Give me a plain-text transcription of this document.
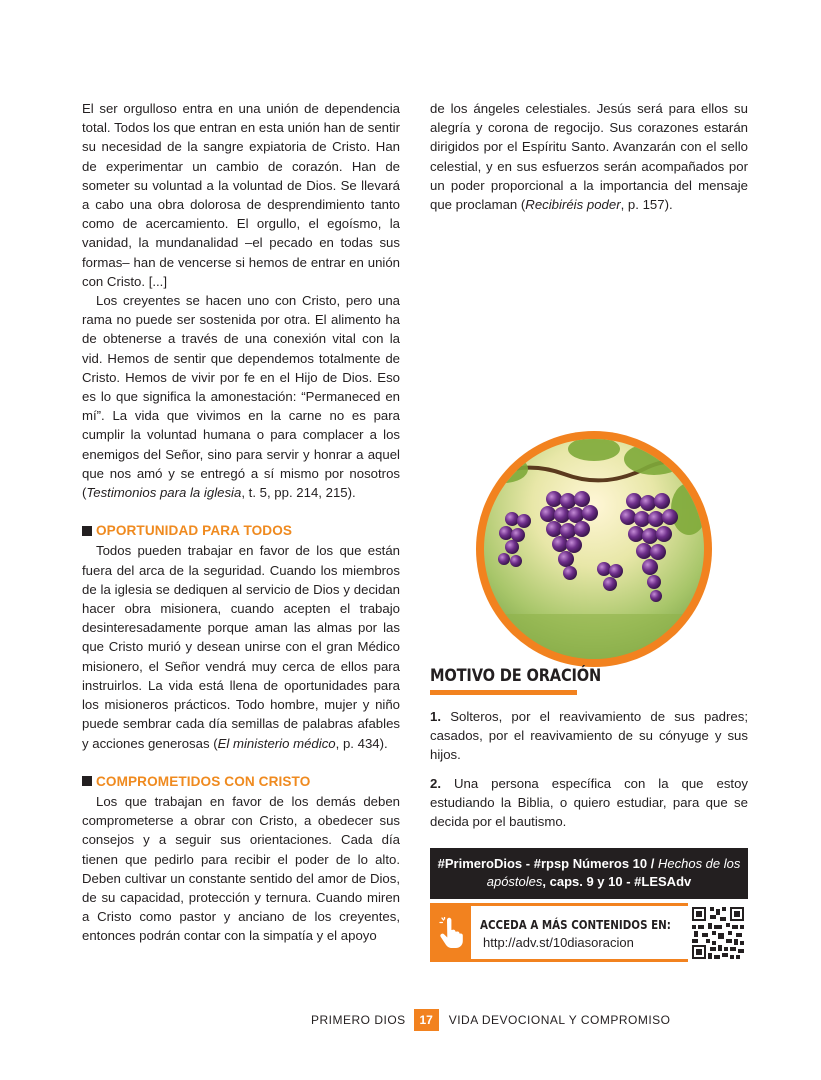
El ser orgulloso entra en una unión de dependencia total. Todos los que entran en esta unión han de sentir su necesidad de la sangre expiatoria de Cristo. Han de experimentar un cambio de corazón. Han de someter su voluntad a la voluntad de Dios. Se llevará a cabo una obra dolorosa de desprendimiento tanto como de acercamiento. El orgullo, el egoísmo, la vanidad, la mundanalidad –el pecado en todas sus formas– han de vencerse si hemos de entrar en unión con Cristo. [...]

Los creyentes se hacen uno con Cristo, pero una rama no puede ser sostenida por otra. El alimento ha de obtenerse a través de una conexión vital con la vid. Hemos de sentir que dependemos totalmente de Cristo. Hemos de vivir por fe en el Hijo de Dios. Eso es lo que significa la amonestación: “Permaneced en mí”. La vida que vivimos en la carne no es para cumplir la voluntad humana o para complacer a los enemigos del Señor, sino para servir y honrar a aquel que nos amó y se entregó a sí mismo por nosotros (Testimonios para la iglesia, t. 5, pp. 214, 215).

OPORTUNIDAD PARA TODOS

Todos pueden trabajar en favor de los que están fuera del arca de la seguridad. Cuando los miembros de la iglesia se dediquen al servicio de Dios y decidan hacer obra misionera, cuando acepten el trabajo desinteresadamente porque aman las almas por las que Cristo murió y desean unirse con el gran Médico misionero, el Señor vendrá muy cerca de ellos para instruirlos. La vida está llena de oportunidades para los misioneros prácticos. Todo hombre, mujer y niño puede sembrar cada día semillas de palabras afables y acciones generosas (El ministerio médico, p. 434).

COMPROMETIDOS CON CRISTO

Los que trabajan en favor de los demás deben comprometerse a obrar con Cristo, a obedecer sus consejos y a seguir sus orientaciones. Cada día tienen que pedirlo para recibir el poder de lo alto. Deben cultivar un constante sentido del amor de Dios, de su capacidad, protección y ternura. Cuando miren a Cristo como pastor y anciano de los creyentes, entonces podrán contar con la simpatía y el apoyo

de los ángeles celestiales. Jesús será para ellos su alegría y corona de regocijo. Sus corazones estarán dirigidos por el Espíritu Santo. Avanzarán con el sello celestial, y en sus esfuerzos serán acompañados por un poder proporcional a la importancia del mensaje que proclaman (Recibiréis poder, p. 157).

MOTIVO DE ORACIÓN

1. Solteros, por el reavivamiento de sus padres; casados, por el reavivamiento de su cónyuge y sus hijos.

2. Una persona específica con la que estoy estudiando la Biblia, o quiero estudiar, para que se decida por el bautismo.

#PrimeroDios - #rpsp Números 10 / Hechos de los
apóstoles, caps. 9 y 10 - #LESAdv
ACCEDA A MÁS CONTENIDOS EN:
http://adv.st/10diasoracion
PRIMERO DIOS	17	VIDA DEVOCIONAL Y COMPROMISO
